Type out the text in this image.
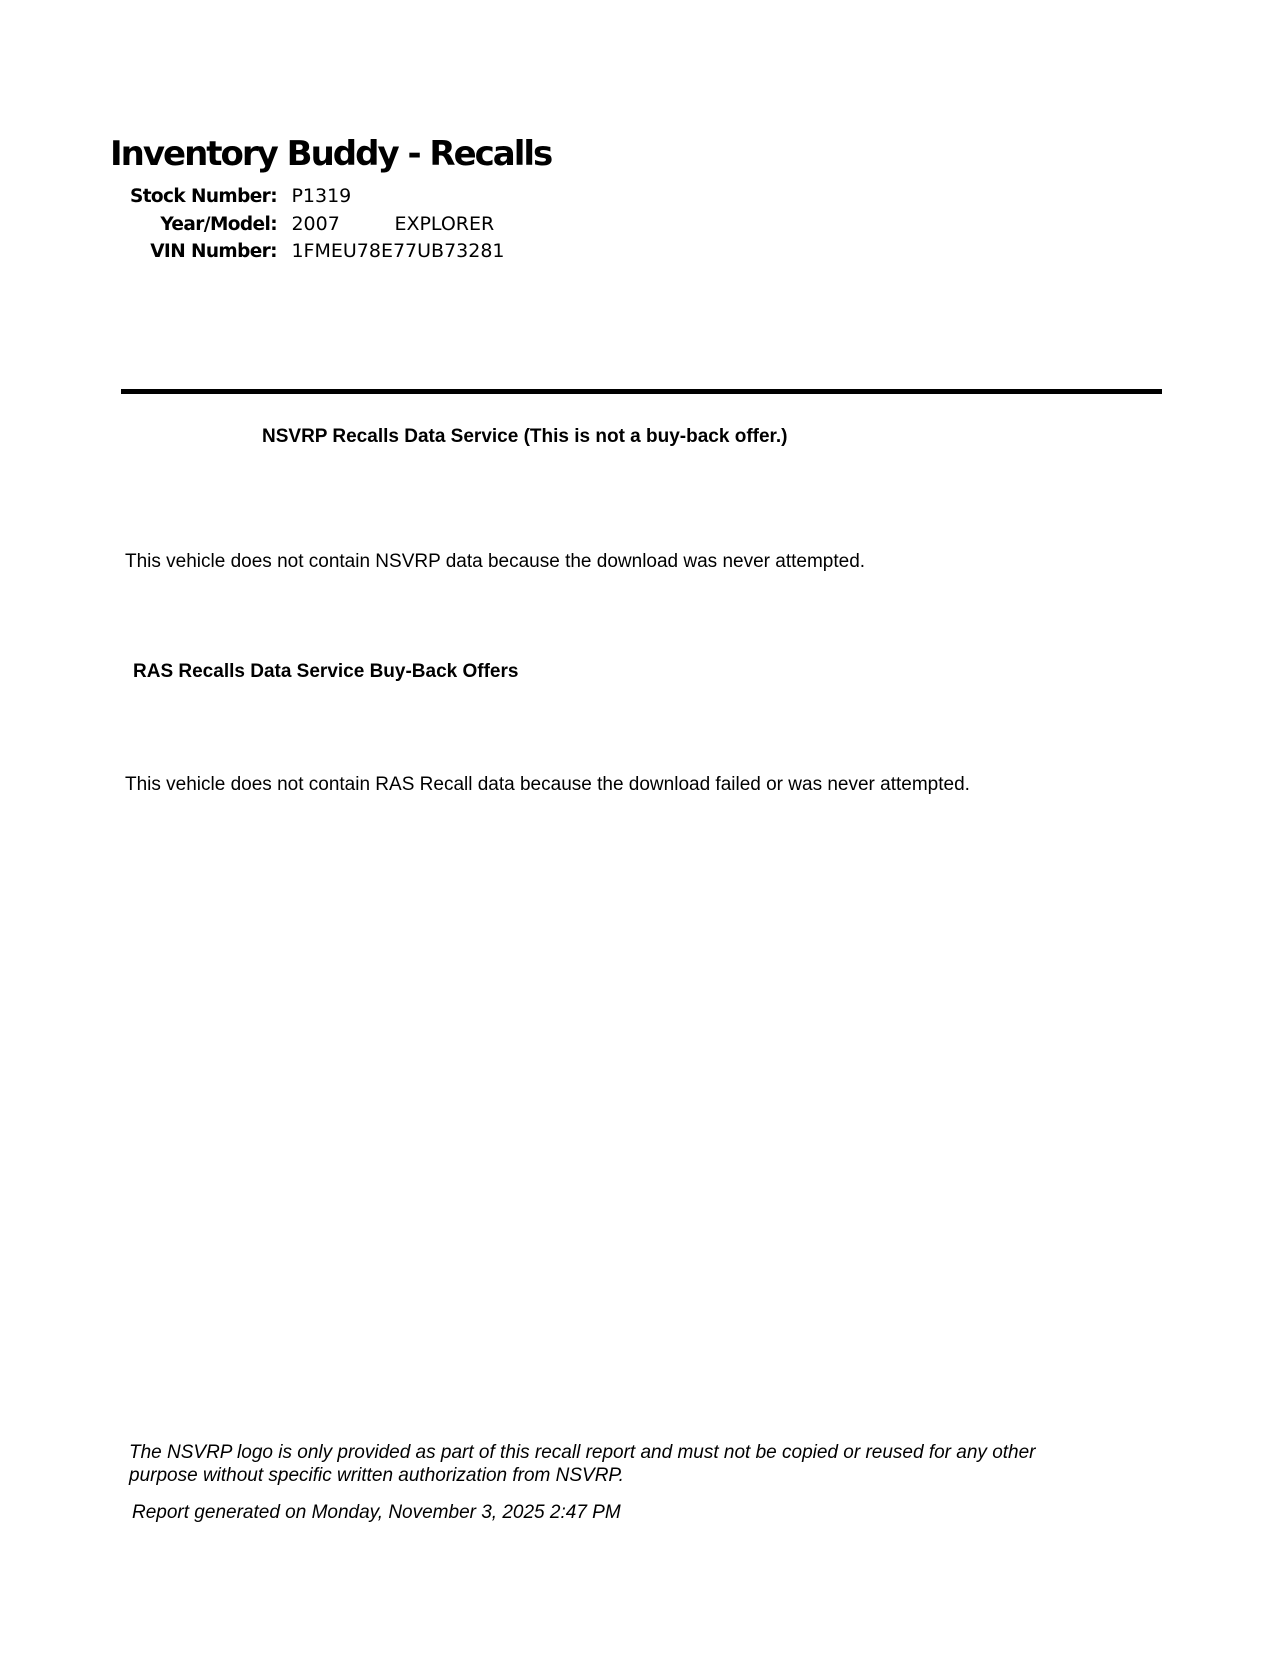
Inventory Buddy - Recalls
Stock Number: P1319
Year/Model: 2007	EXPLORER
VIN Number: 1FMEU78E77UB73281
NSVRP Recalls Data Service (This is not a buy-back offer.)

This vehicle does not contain NSVRP data because the download was never attempted.

RAS Recalls Data Service Buy-Back Offers

This vehicle does not contain RAS Recall data because the download failed or was never attempted.

The NSVRP logo is only provided as part of this recall report and must not be copied or reused for any other
purpose without specific written authorization from NSVRP.

Report generated on Monday, November 3, 2025 2:47 PM
